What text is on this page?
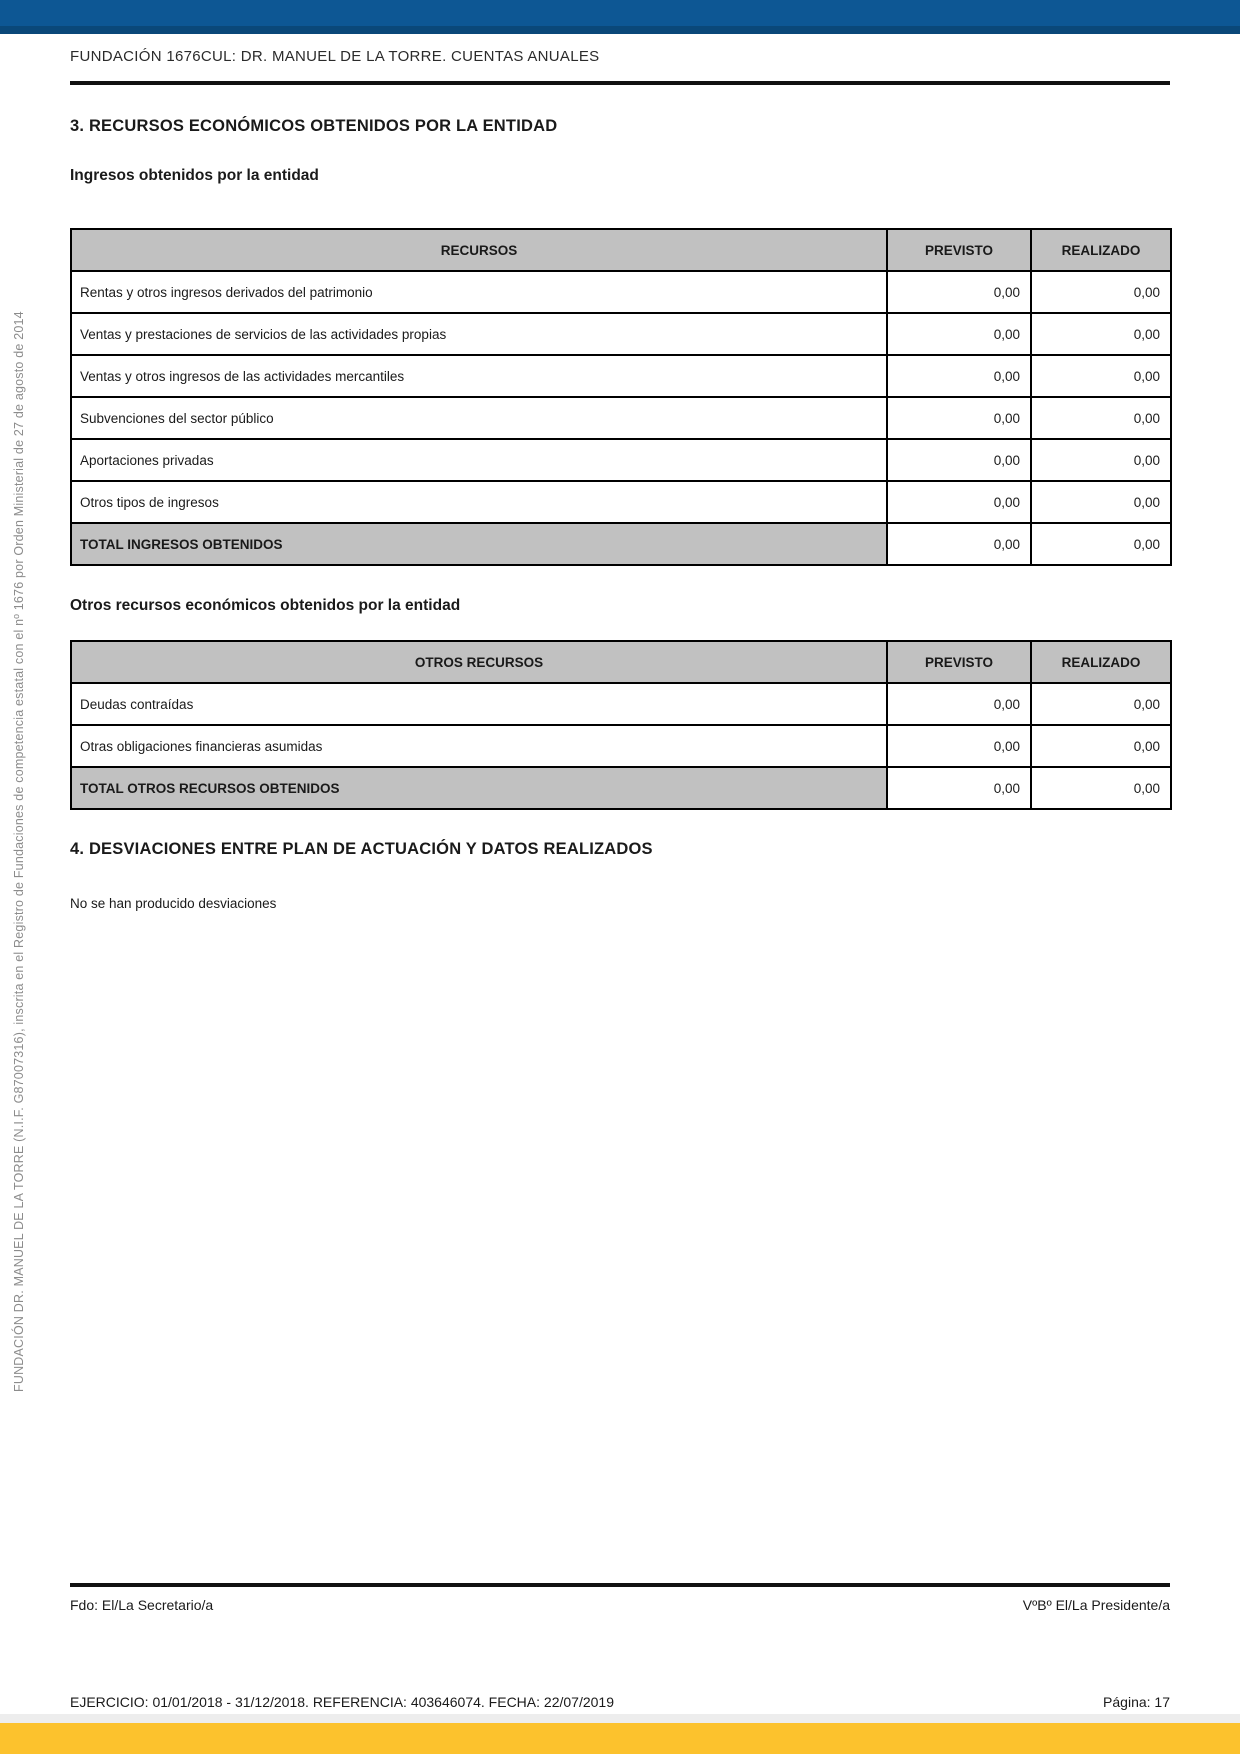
FUNDACIÓN DR. MANUEL DE LA TORRE (N.I.F. G87007316), inscrita en el Registro de Fundaciones de competencia estatal con el nº 1676 por Orden Ministerial de 27 de agosto de 2014
FUNDACIÓN 1676CUL: DR. MANUEL DE LA TORRE. CUENTAS ANUALES
3. RECURSOS ECONÓMICOS OBTENIDOS POR LA ENTIDAD
Ingresos obtenidos por la entidad
RECURSOS	PREVISTO	REALIZADO
Rentas y otros ingresos derivados del patrimonio	0,00	0,00
Ventas y prestaciones de servicios de las actividades propias	0,00	0,00
Ventas y otros ingresos de las actividades mercantiles	0,00	0,00
Subvenciones del sector público	0,00	0,00
Aportaciones privadas	0,00	0,00
Otros tipos de ingresos	0,00	0,00
TOTAL INGRESOS OBTENIDOS	0,00	0,00
Otros recursos económicos obtenidos por la entidad
OTROS RECURSOS	PREVISTO	REALIZADO
Deudas contraídas	0,00	0,00
Otras obligaciones financieras asumidas	0,00	0,00
TOTAL OTROS RECURSOS OBTENIDOS	0,00	0,00
4. DESVIACIONES ENTRE PLAN DE ACTUACIÓN Y DATOS REALIZADOS
No se han producido desviaciones
Fdo: El/La Secretario/a	VºBº El/La Presidente/a
EJERCICIO: 01/01/2018 - 31/12/2018. REFERENCIA: 403646074. FECHA: 22/07/2019	Página: 17
